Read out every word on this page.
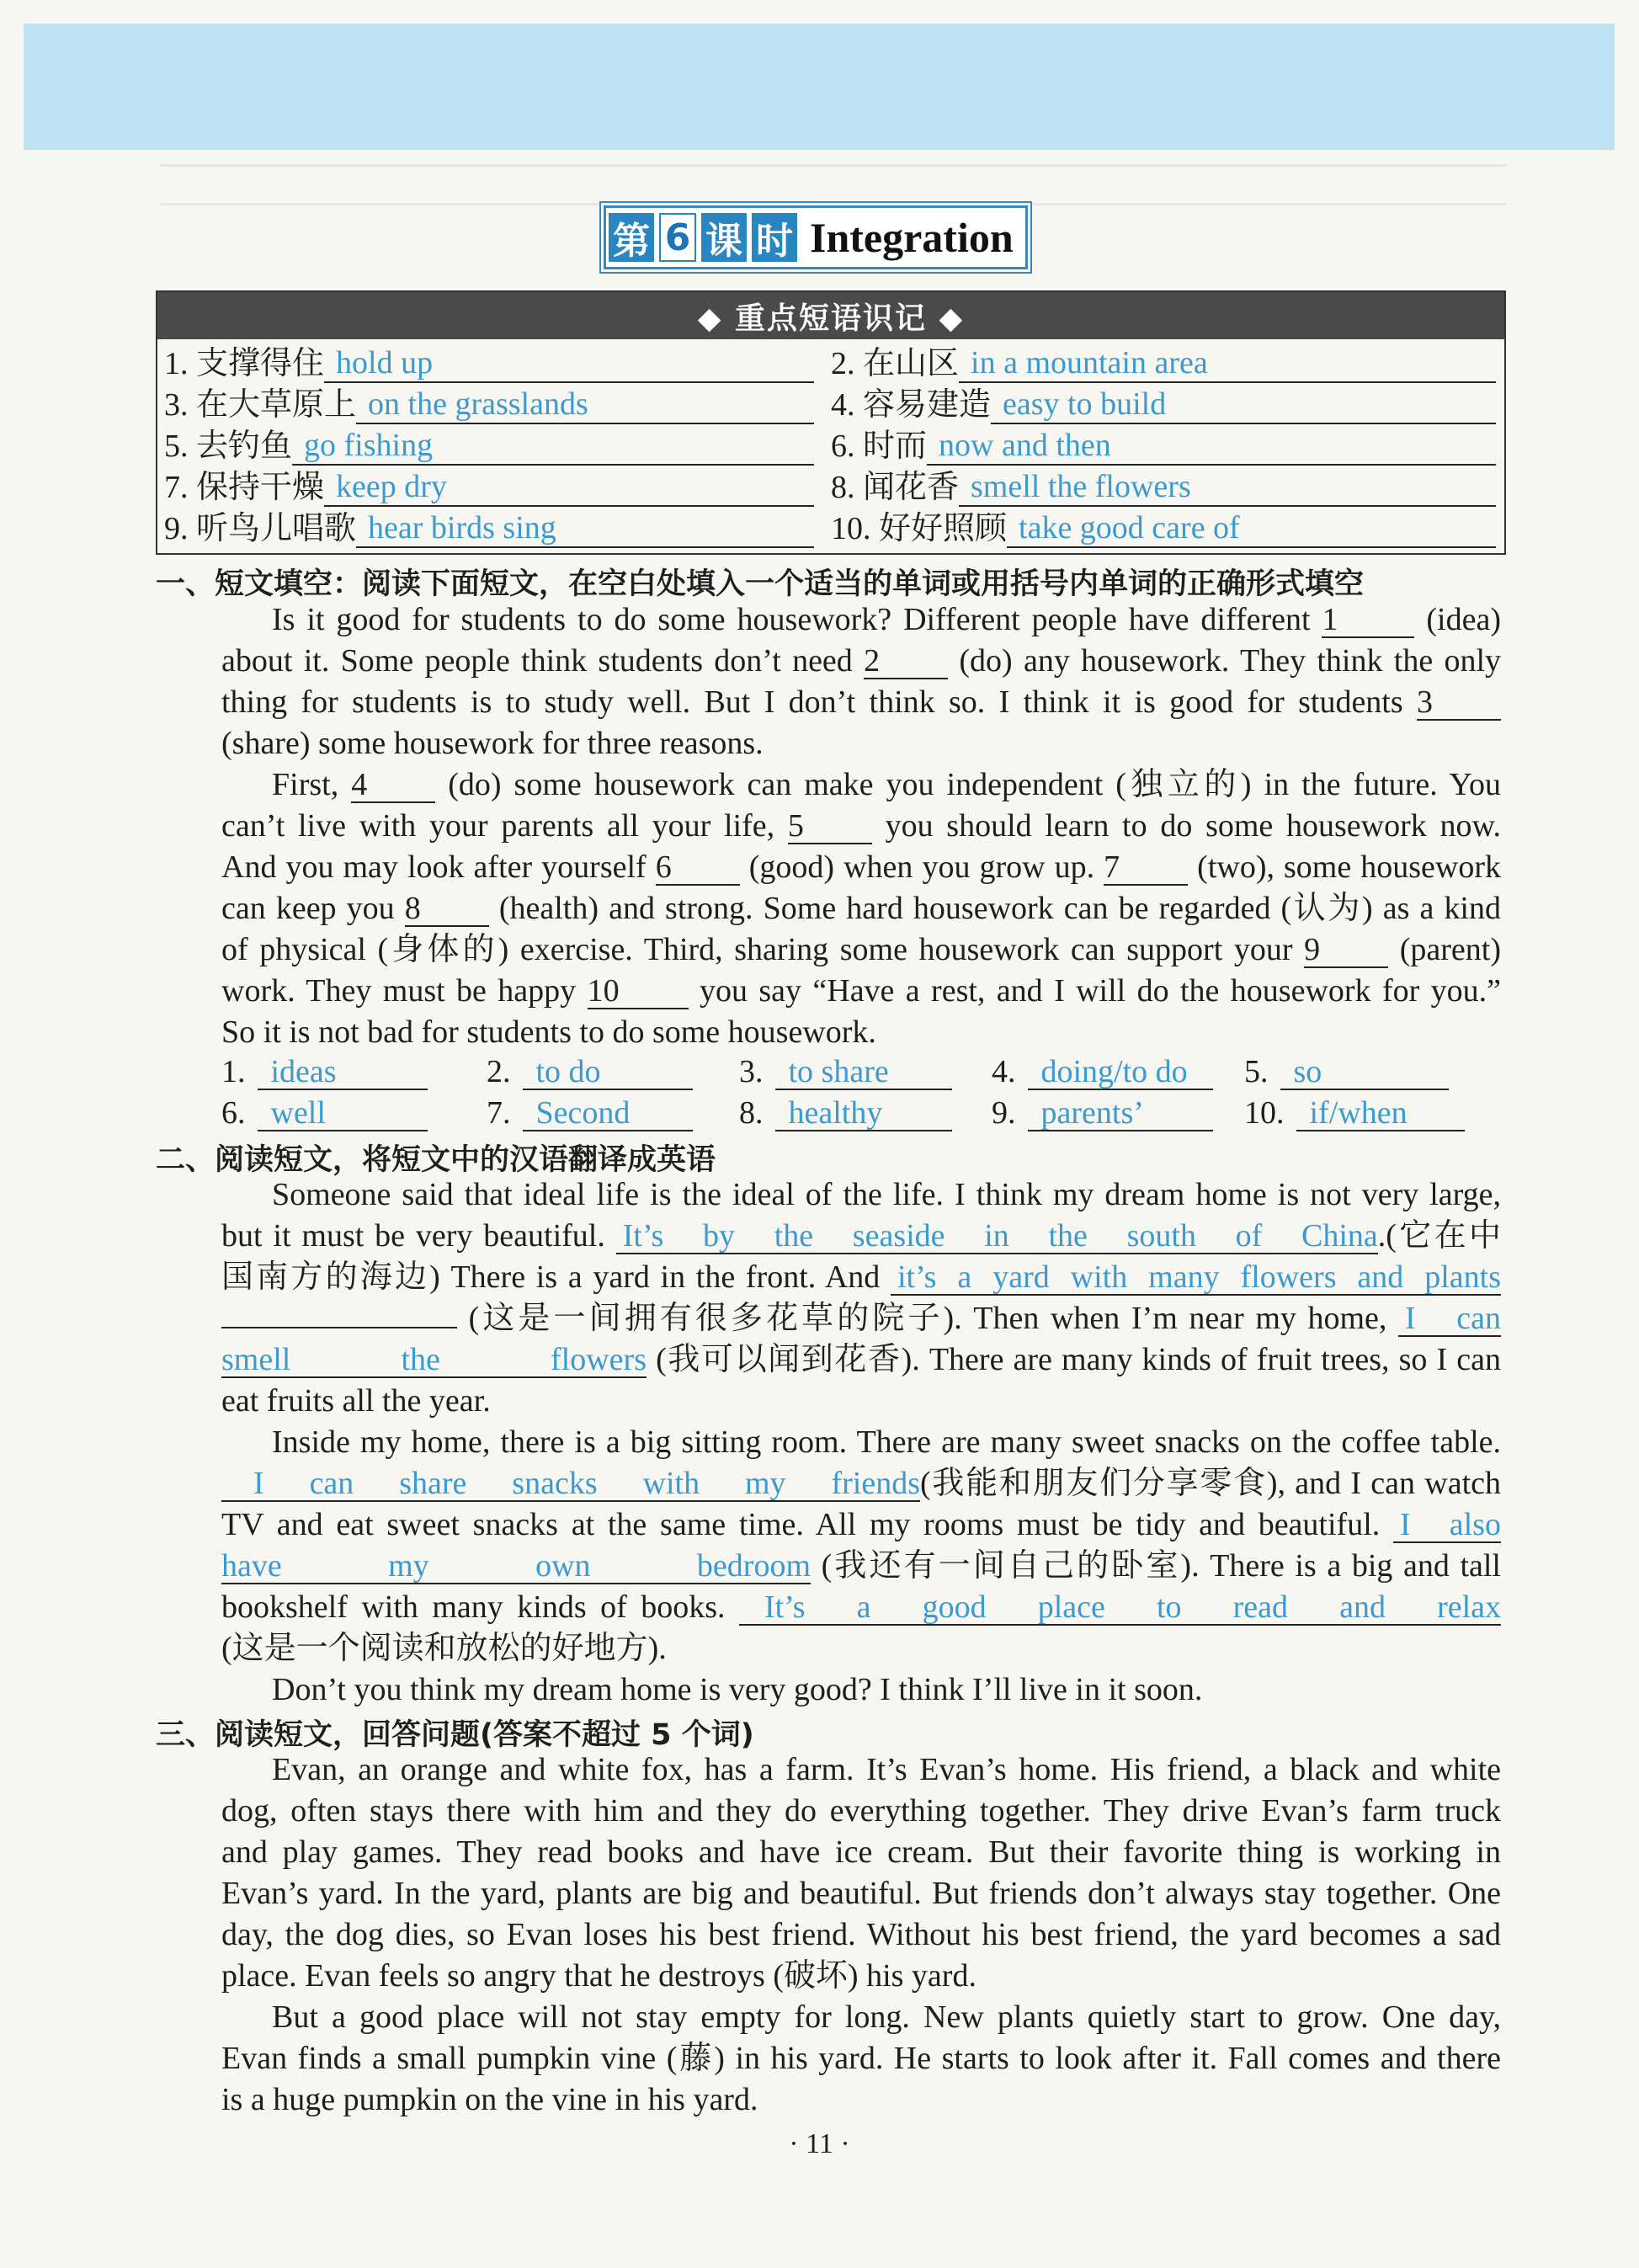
第 6 课 时 Integration
◆ 重点短语识记 ◆
1. 支撑得住 hold up	2. 在山区 in a mountain area
3. 在大草原上 on the grasslands	4. 容易建造 easy to build
5. 去钓鱼 go fishing	6. 时而 now and then
7. 保持干燥 keep dry	8. 闻花香 smell the flowers
9. 听鸟儿唱歌 hear birds sing	10. 好好照顾 take good care of
一、短文填空：阅读下面短文，在空白处填入一个适当的单词或用括号内单词的正确形式填空
Is it good for students to do some housework? Different people have different 1	(idea)
about it. Some people think students don’t need 2 (do) any housework. They think the only
thing for students is to study well. But I don’t think so. I think it is good for students 3
(share) some housework for three reasons.
First, 4	(do) some housework can make you independent (独立的) in the future. You
can’t live with your parents all your life, 5	you should learn to do some housework now.
And you may look after yourself 6 (good) when you grow up. 7 (two), some housework
can keep you 8 (health) and strong. Some hard housework can be regarded (认为) as a kind
of physical (身体的) exercise. Third, sharing some housework can support your 9 (parent)
work. They must be happy 10	you say “Have a rest, and I will do the housework for you.”
So it is not bad for students to do some housework.
1. ideas	2. to do	3. to share	4. doing/to do	5. so
6. well	7. Second	8. healthy	9. parents’	10. if/when
二、阅读短文，将短文中的汉语翻译成英语
Someone said that ideal life is the ideal of the life. I think my dream home is not very large,
but it must be very beautiful. It’s by the seaside in the south of China.(它在中
国南方的海边) There is a yard in the front. And it’s a yard with many flowers and plants
(这是一间拥有很多花草的院子). Then when I’m near my home, I can
smell the flowers (我可以闻到花香). There are many kinds of fruit trees, so I can
eat fruits all the year.
Inside my home, there is a big sitting room. There are many sweet snacks on the coffee table.
I can share snacks with my friends(我能和朋友们分享零食), and I can watch
TV and eat sweet snacks at the same time. All my rooms must be tidy and beautiful. I also
have my own bedroom (我还有一间自己的卧室). There is a big and tall
bookshelf with many kinds of books. It’s a good place to read and relax
(这是一个阅读和放松的好地方).
Don’t you think my dream home is very good? I think I’ll live in it soon.
三、阅读短文，回答问题(答案不超过 5 个词)
Evan, an orange and white fox, has a farm. It’s Evan’s home. His friend, a black and white
dog, often stays there with him and they do everything together. They drive Evan’s farm truck
and play games. They read books and have ice cream. But their favorite thing is working in
Evan’s yard. In the yard, plants are big and beautiful. But friends don’t always stay together. One
day, the dog dies, so Evan loses his best friend. Without his best friend, the yard becomes a sad
place. Evan feels so angry that he destroys (破坏) his yard.
But a good place will not stay empty for long. New plants quietly start to grow. One day,
Evan finds a small pumpkin vine (藤) in his yard. He starts to look after it. Fall comes and there
is a huge pumpkin on the vine in his yard.
· 11 ·
